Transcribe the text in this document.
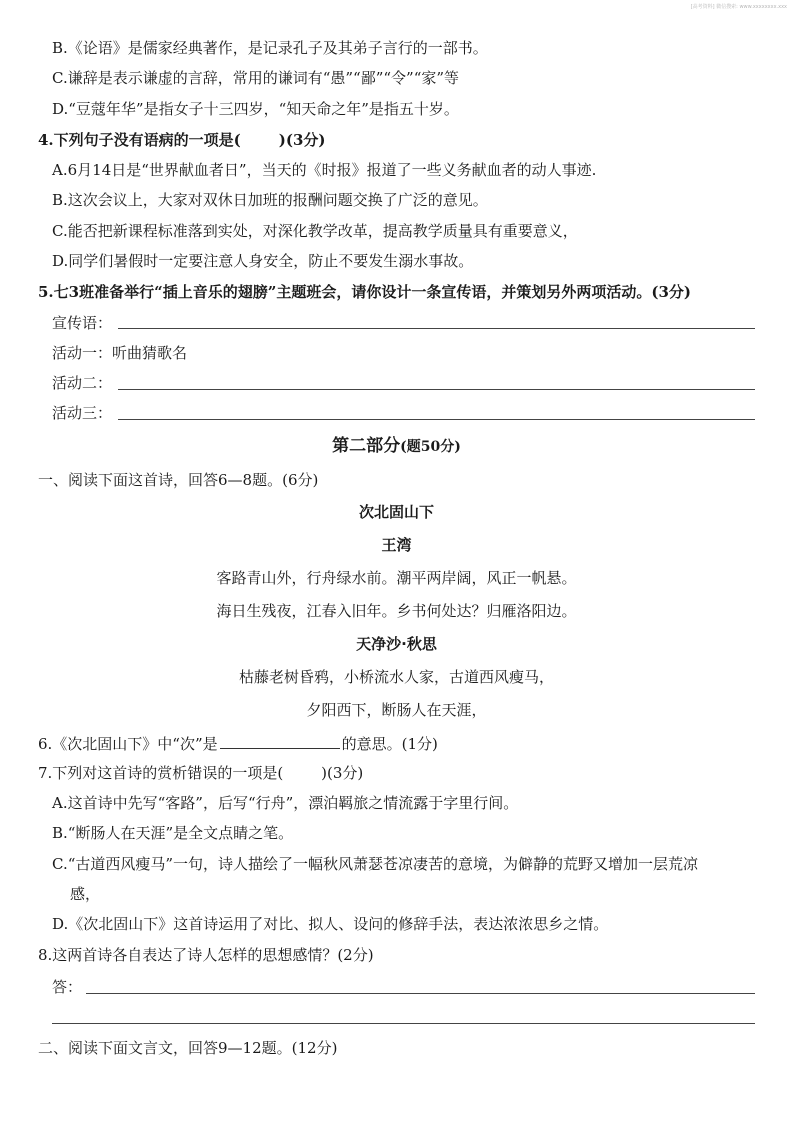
[高考资料] 微信搜索: www.xxxxxxxx.xxx
B.《论语》是儒家经典著作，是记录孔子及其弟子言行的一部书。
C.谦辞是表示谦虚的言辞，常用的谦词有“愚”“鄙”“令”“家”等
D.“豆蔻年华”是指女子十三四岁，“知天命之年”是指五十岁。
4.下列句子没有语病的一项是(	)(3分)
A.6月14日是“世界献血者日”，当天的《时报》报道了一些义务献血者的动人事迹.
B.这次会议上，大家对双休日加班的报酬问题交换了广泛的意见。
C.能否把新课程标准落到实处，对深化教学改革，提高教学质量具有重要意义，
D.同学们暑假时一定要注意人身安全，防止不要发生溺水事故。
5.七3班准备举行“插上音乐的翅膀”主题班会，请你设计一条宣传语，并策划另外两项活动。(3分)
宣传语：
活动一：听曲猜歌名
活动二：
活动三：
第二部分(题50分)
一、阅读下面这首诗，回答6—8题。(6分)
次北固山下
王湾
客路青山外，行舟绿水前。潮平两岸阔，风正一帆悬。
海日生残夜，江春入旧年。乡书何处达？归雁洛阳边。
天净沙·秋思
枯藤老树昏鸦，小桥流水人家，古道西风瘦马，
夕阳西下，断肠人在天涯，
6.《次北固山下》中“次”是	的意思。(1分)
7.下列对这首诗的赏析错误的一项是(	)(3分)
A.这首诗中先写“客路”，后写“行舟”，漂泊羁旅之情流露于字里行间。
B.“断肠人在天涯”是全文点睛之笔。
C.“古道西风瘦马”一句，诗人描绘了一幅秋风萧瑟苍凉凄苦的意境，为僻静的荒野又增加一层荒凉
感，
D.《次北固山下》这首诗运用了对比、拟人、设问的修辞手法，表达浓浓思乡之情。
8.这两首诗各自表达了诗人怎样的思想感情？(2分)
答：
二、阅读下面文言文，回答9—12题。(12分)
